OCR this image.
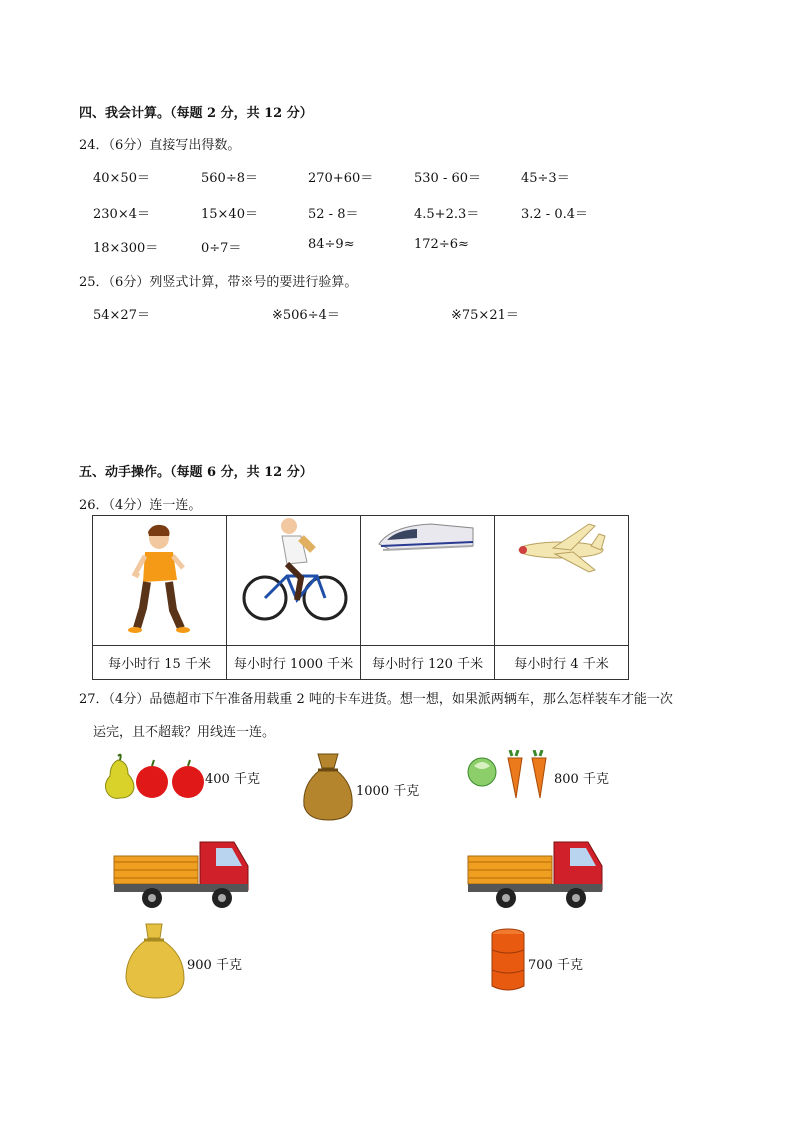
四、我会计算。（每题 2 分，共 12 分）
24．（6分）直接写出得数。
40×50＝	560÷8＝	270+60＝	530 - 60＝	45÷3＝
230×4＝	15×40＝	52 - 8＝	4.5+2.3＝	3.2 - 0.4＝
18×300＝	0÷7＝	84÷9≈	172÷6≈
25．（6分）列竖式计算，带※号的要进行验算。
54×27＝	※506÷4＝	※75×21＝
五、动手操作。（每题 6 分，共 12 分）
26．（4分）连一连。

每小时行 15 千米	每小时行 1000 千米	每小时行 120 千米	每小时行 4 千米
27．（4分）品德超市下午准备用载重 2 吨的卡车进货。想一想，如果派两辆车，那么怎样装车才能一次
运完，且不超载？用线连一连。
400 千克
1000 千克
800 千克
900 千克	700 千克
